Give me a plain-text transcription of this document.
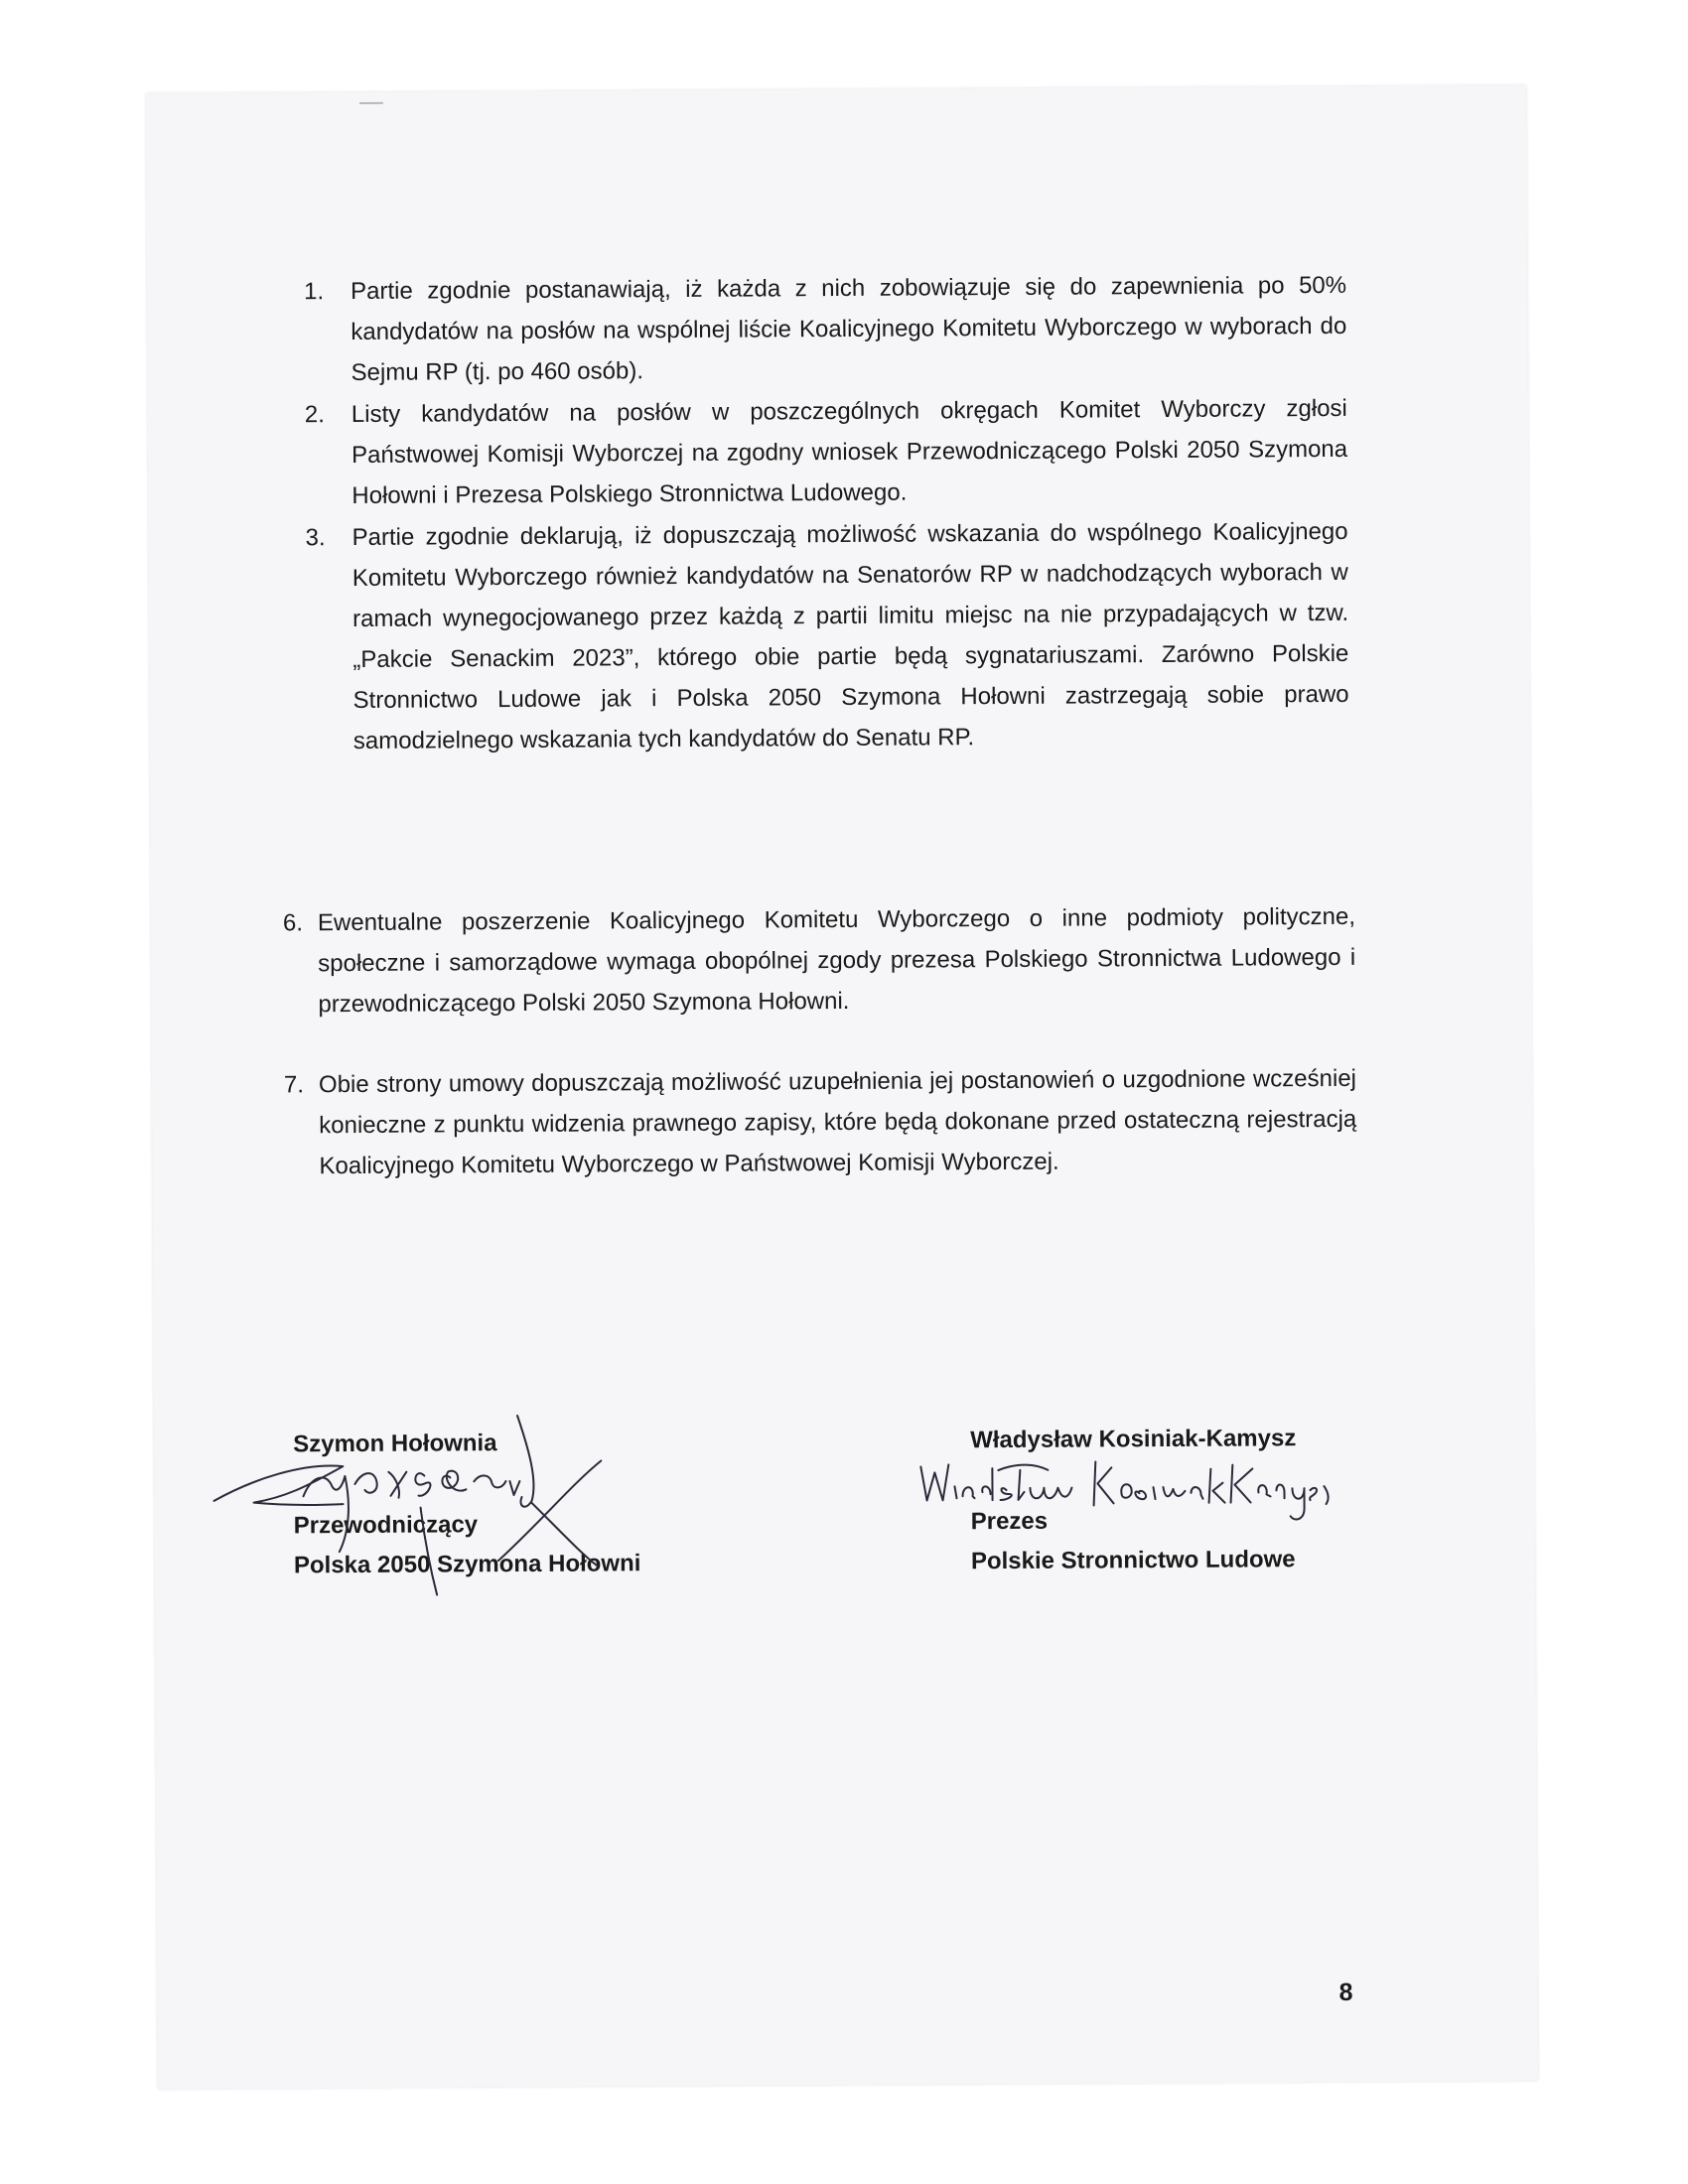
1. Partie zgodnie postanawiają, iż każda z nich zobowiązuje się do zapewnienia po 50% kandydatów na posłów na wspólnej liście Koalicyjnego Komitetu Wyborczego w wyborach do Sejmu RP (tj. po 460 osób).
2. Listy kandydatów na posłów w poszczególnych okręgach Komitet Wyborczy zgłosi Państwowej Komisji Wyborczej na zgodny wniosek Przewodniczącego Polski 2050 Szymona Hołowni i Prezesa Polskiego Stronnictwa Ludowego.
3. Partie zgodnie deklarują, iż dopuszczają możliwość wskazania do wspólnego Koalicyjnego Komitetu Wyborczego również kandydatów na Senatorów RP w nadchodzących wyborach w ramach wynegocjowanego przez każdą z partii limitu miejsc na nie przypadających w tzw. „Pakcie Senackim 2023”, którego obie partie będą sygnatariuszami. Zarówno Polskie Stronnictwo Ludowe jak i Polska 2050 Szymona Hołowni zastrzegają sobie prawo samodzielnego wskazania tych kandydatów do Senatu RP.
6. Ewentualne poszerzenie Koalicyjnego Komitetu Wyborczego o inne podmioty polityczne, społeczne i samorządowe wymaga obopólnej zgody prezesa Polskiego Stronnictwa Ludowego i przewodniczącego Polski 2050 Szymona Hołowni.
7. Obie strony umowy dopuszczają możliwość uzupełnienia jej postanowień o uzgodnione wcześniej konieczne z punktu widzenia prawnego zapisy, które będą dokonane przed ostateczną rejestracją Koalicyjnego Komitetu Wyborczego w Państwowej Komisji Wyborczej.
Szymon Hołownia
Przewodniczący
Polska 2050 Szymona Hołowni
Władysław Kosiniak-Kamysz
Prezes
Polskie Stronnictwo Ludowe
8
